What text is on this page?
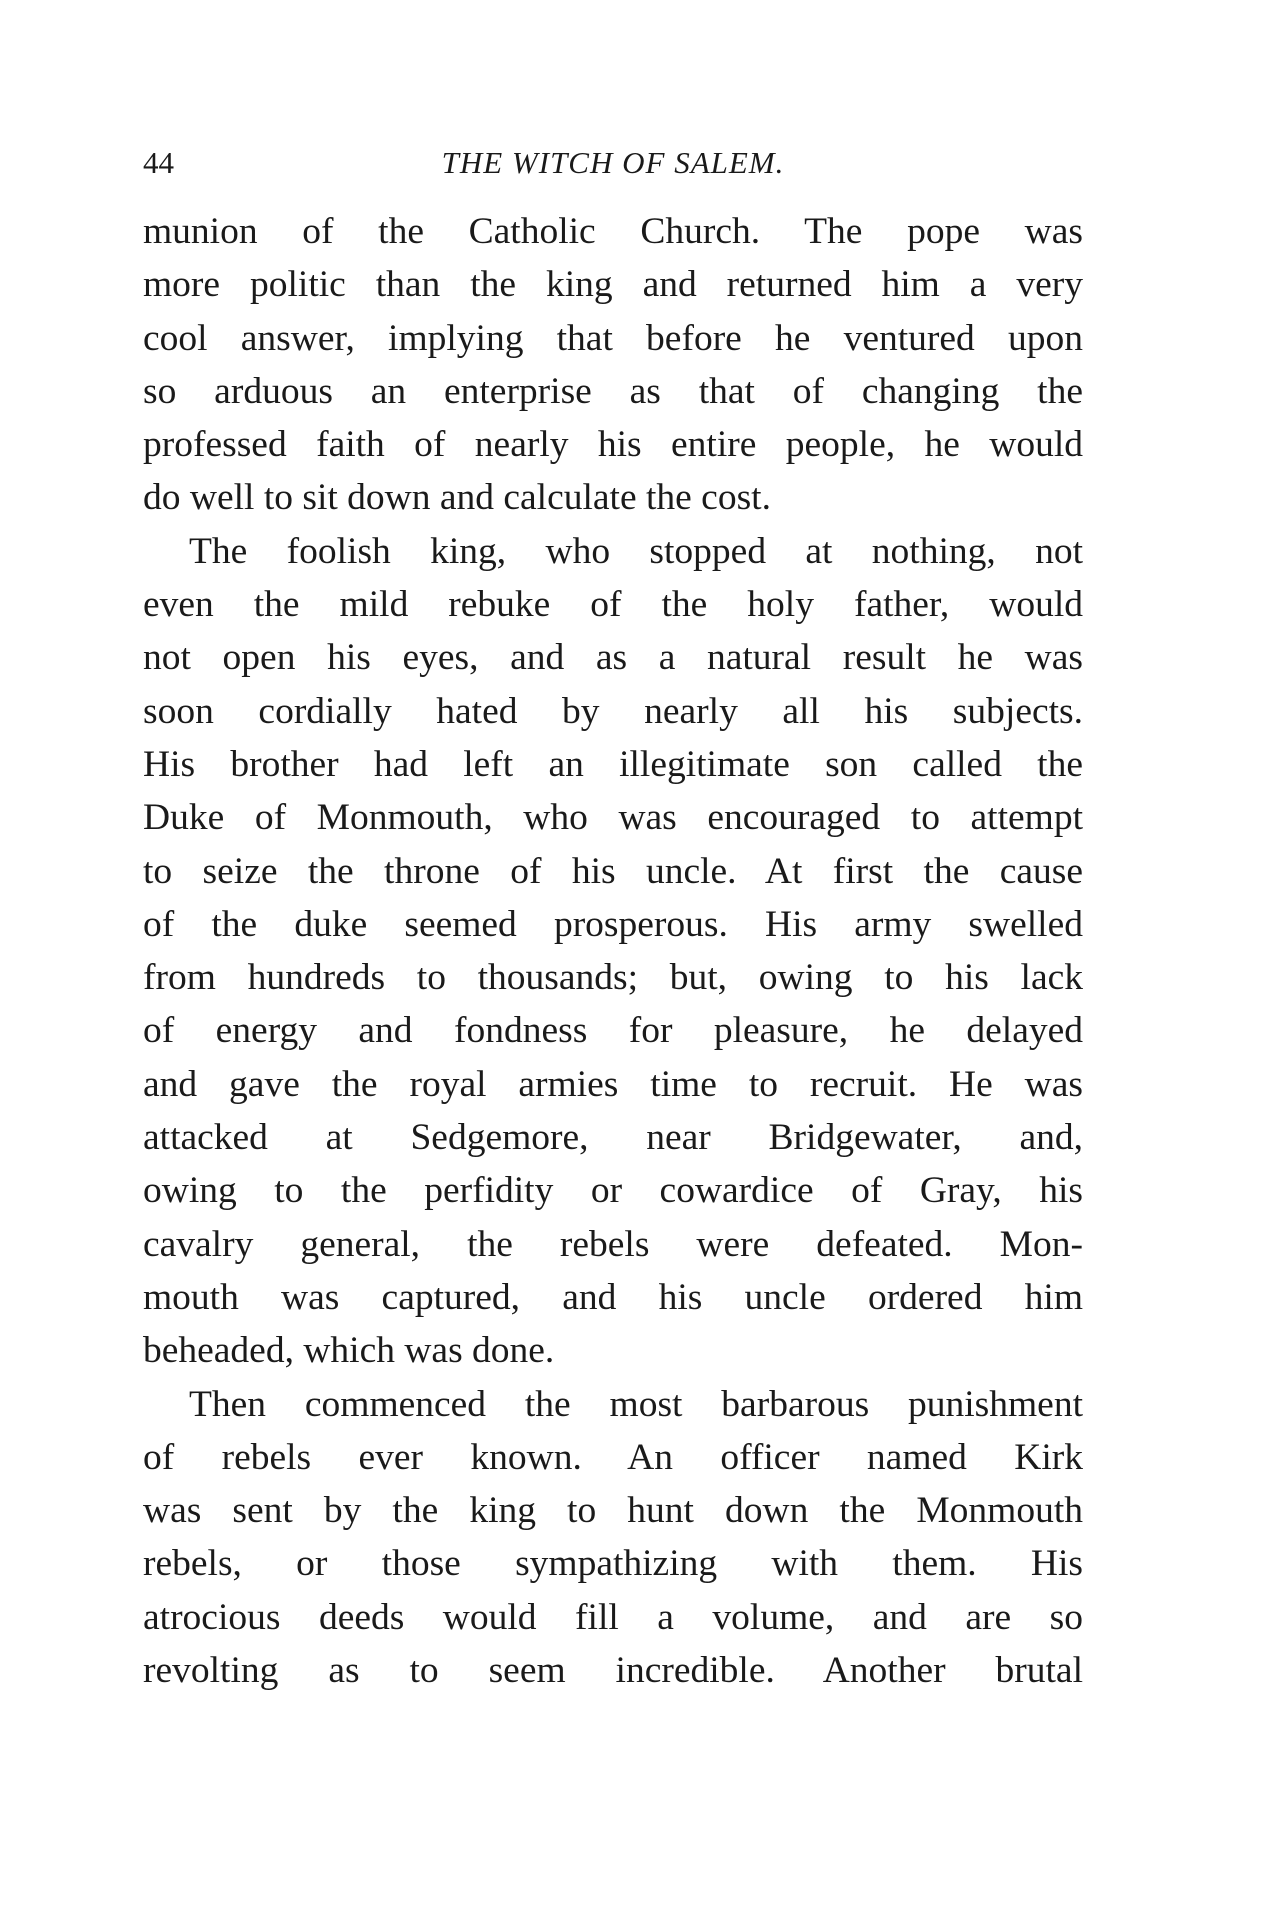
44	THE WITCH OF SALEM.
munion of the Catholic Church. The pope was
more politic than the king and returned him a very
cool answer, implying that before he ventured upon
so arduous an enterprise as that of changing the
professed faith of nearly his entire people, he would
do well to sit down and calculate the cost.
The foolish king, who stopped at nothing, not
even the mild rebuke of the holy father, would
not open his eyes, and as a natural result he was
soon cordially hated by nearly all his subjects.
His brother had left an illegitimate son called the
Duke of Monmouth, who was encouraged to attempt
to seize the throne of his uncle. At first the cause
of the duke seemed prosperous. His army swelled
from hundreds to thousands; but, owing to his lack
of energy and fondness for pleasure, he delayed
and gave the royal armies time to recruit. He was
attacked at Sedgemore, near Bridgewater, and,
owing to the perfidity or cowardice of Gray, his
cavalry general, the rebels were defeated. Mon-
mouth was captured, and his uncle ordered him
beheaded, which was done.
Then commenced the most barbarous punishment
of rebels ever known. An officer named Kirk
was sent by the king to hunt down the Monmouth
rebels, or those sympathizing with them. His
atrocious deeds would fill a volume, and are so
revolting as to seem incredible. Another brutal
